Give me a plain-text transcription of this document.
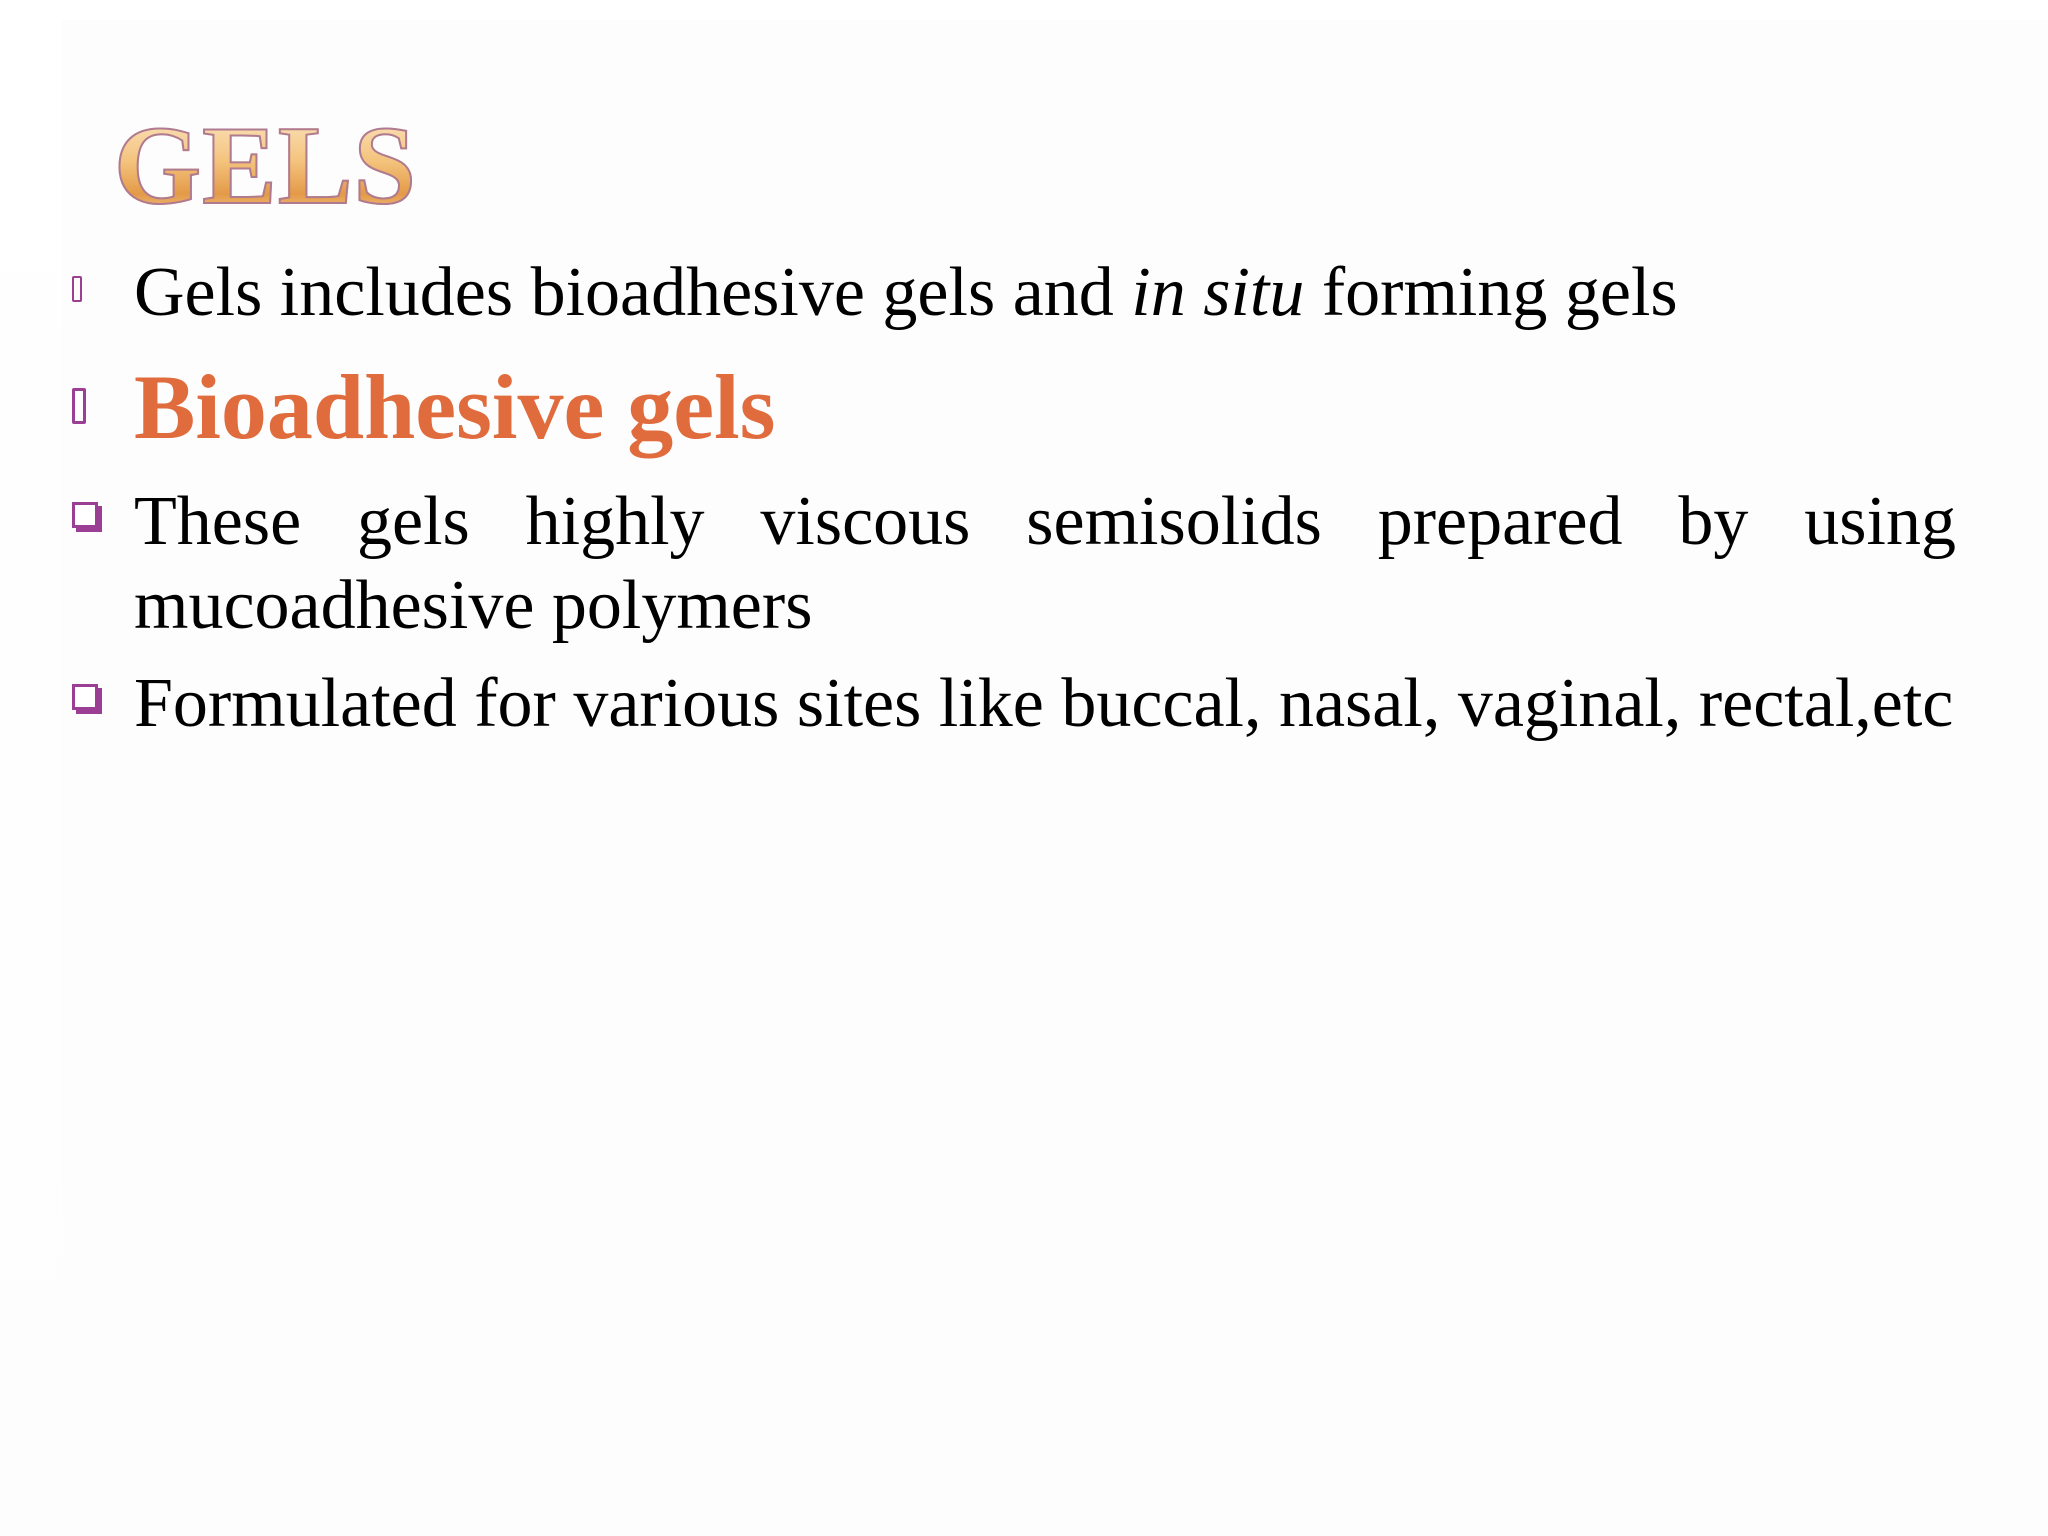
GELS
Gels includes bioadhesive gels and in situ forming gels
Bioadhesive gels
These gels highly viscous semisolids prepared by using mucoadhesive polymers
Formulated for various sites like buccal, nasal, vaginal, rectal,etc
